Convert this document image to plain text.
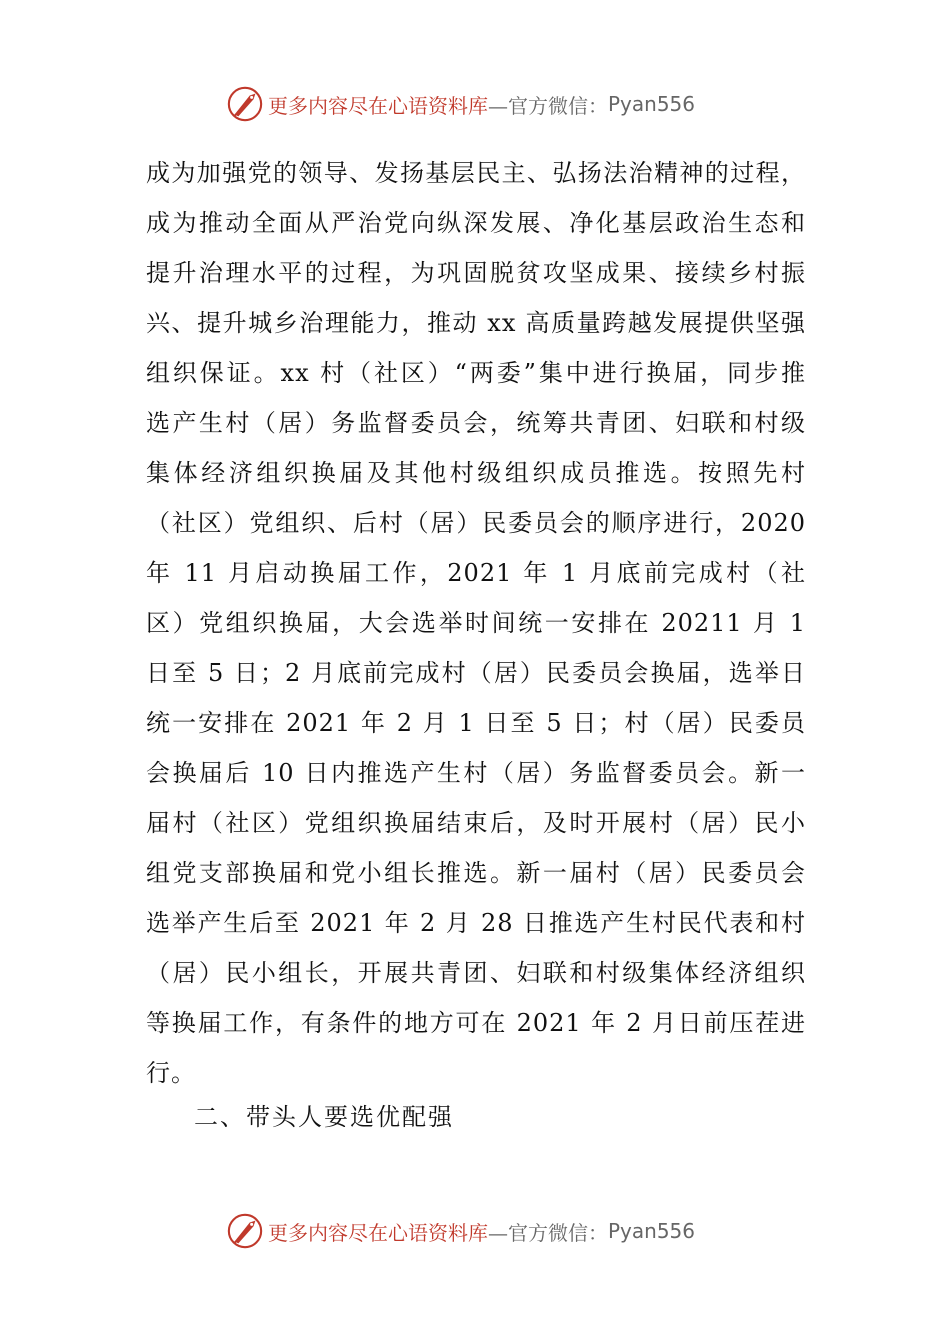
更多内容尽在心语资料库 —官方微信： Pyan556
成为加强党的领导、发扬基层民主、弘扬法治精神的过程，
成为推动全面从严治党向纵深发展、净化基层政治生态和
提升治理水平的过程，为巩固脱贫攻坚成果、接续乡村振
兴、提升城乡治理能力，推动 xx 高质量跨越发展提供坚强
组织保证。xx 村（社区）“两委”集中进行换届，同步推
选产生村（居）务监督委员会，统筹共青团、妇联和村级
集体经济组织换届及其他村级组织成员推选。按照先村
（社区）党组织、后村（居）民委员会的顺序进行，2020
年 11 月启动换届工作，2021 年 1 月底前完成村（社
区）党组织换届，大会选举时间统一安排在 20211 月 1
日至 5 日；2 月底前完成村（居）民委员会换届，选举日
统一安排在 2021 年 2 月 1 日至 5 日；村（居）民委员
会换届后 10 日内推选产生村（居）务监督委员会。新一
届村（社区）党组织换届结束后，及时开展村（居）民小
组党支部换届和党小组长推选。新一届村（居）民委员会
选举产生后至 2021 年 2 月 28 日推选产生村民代表和村
（居）民小组长，开展共青团、妇联和村级集体经济组织
等换届工作，有条件的地方可在 2021 年 2 月日前压茬进
行。
二、带头人要选优配强
更多内容尽在心语资料库 —官方微信： Pyan556
